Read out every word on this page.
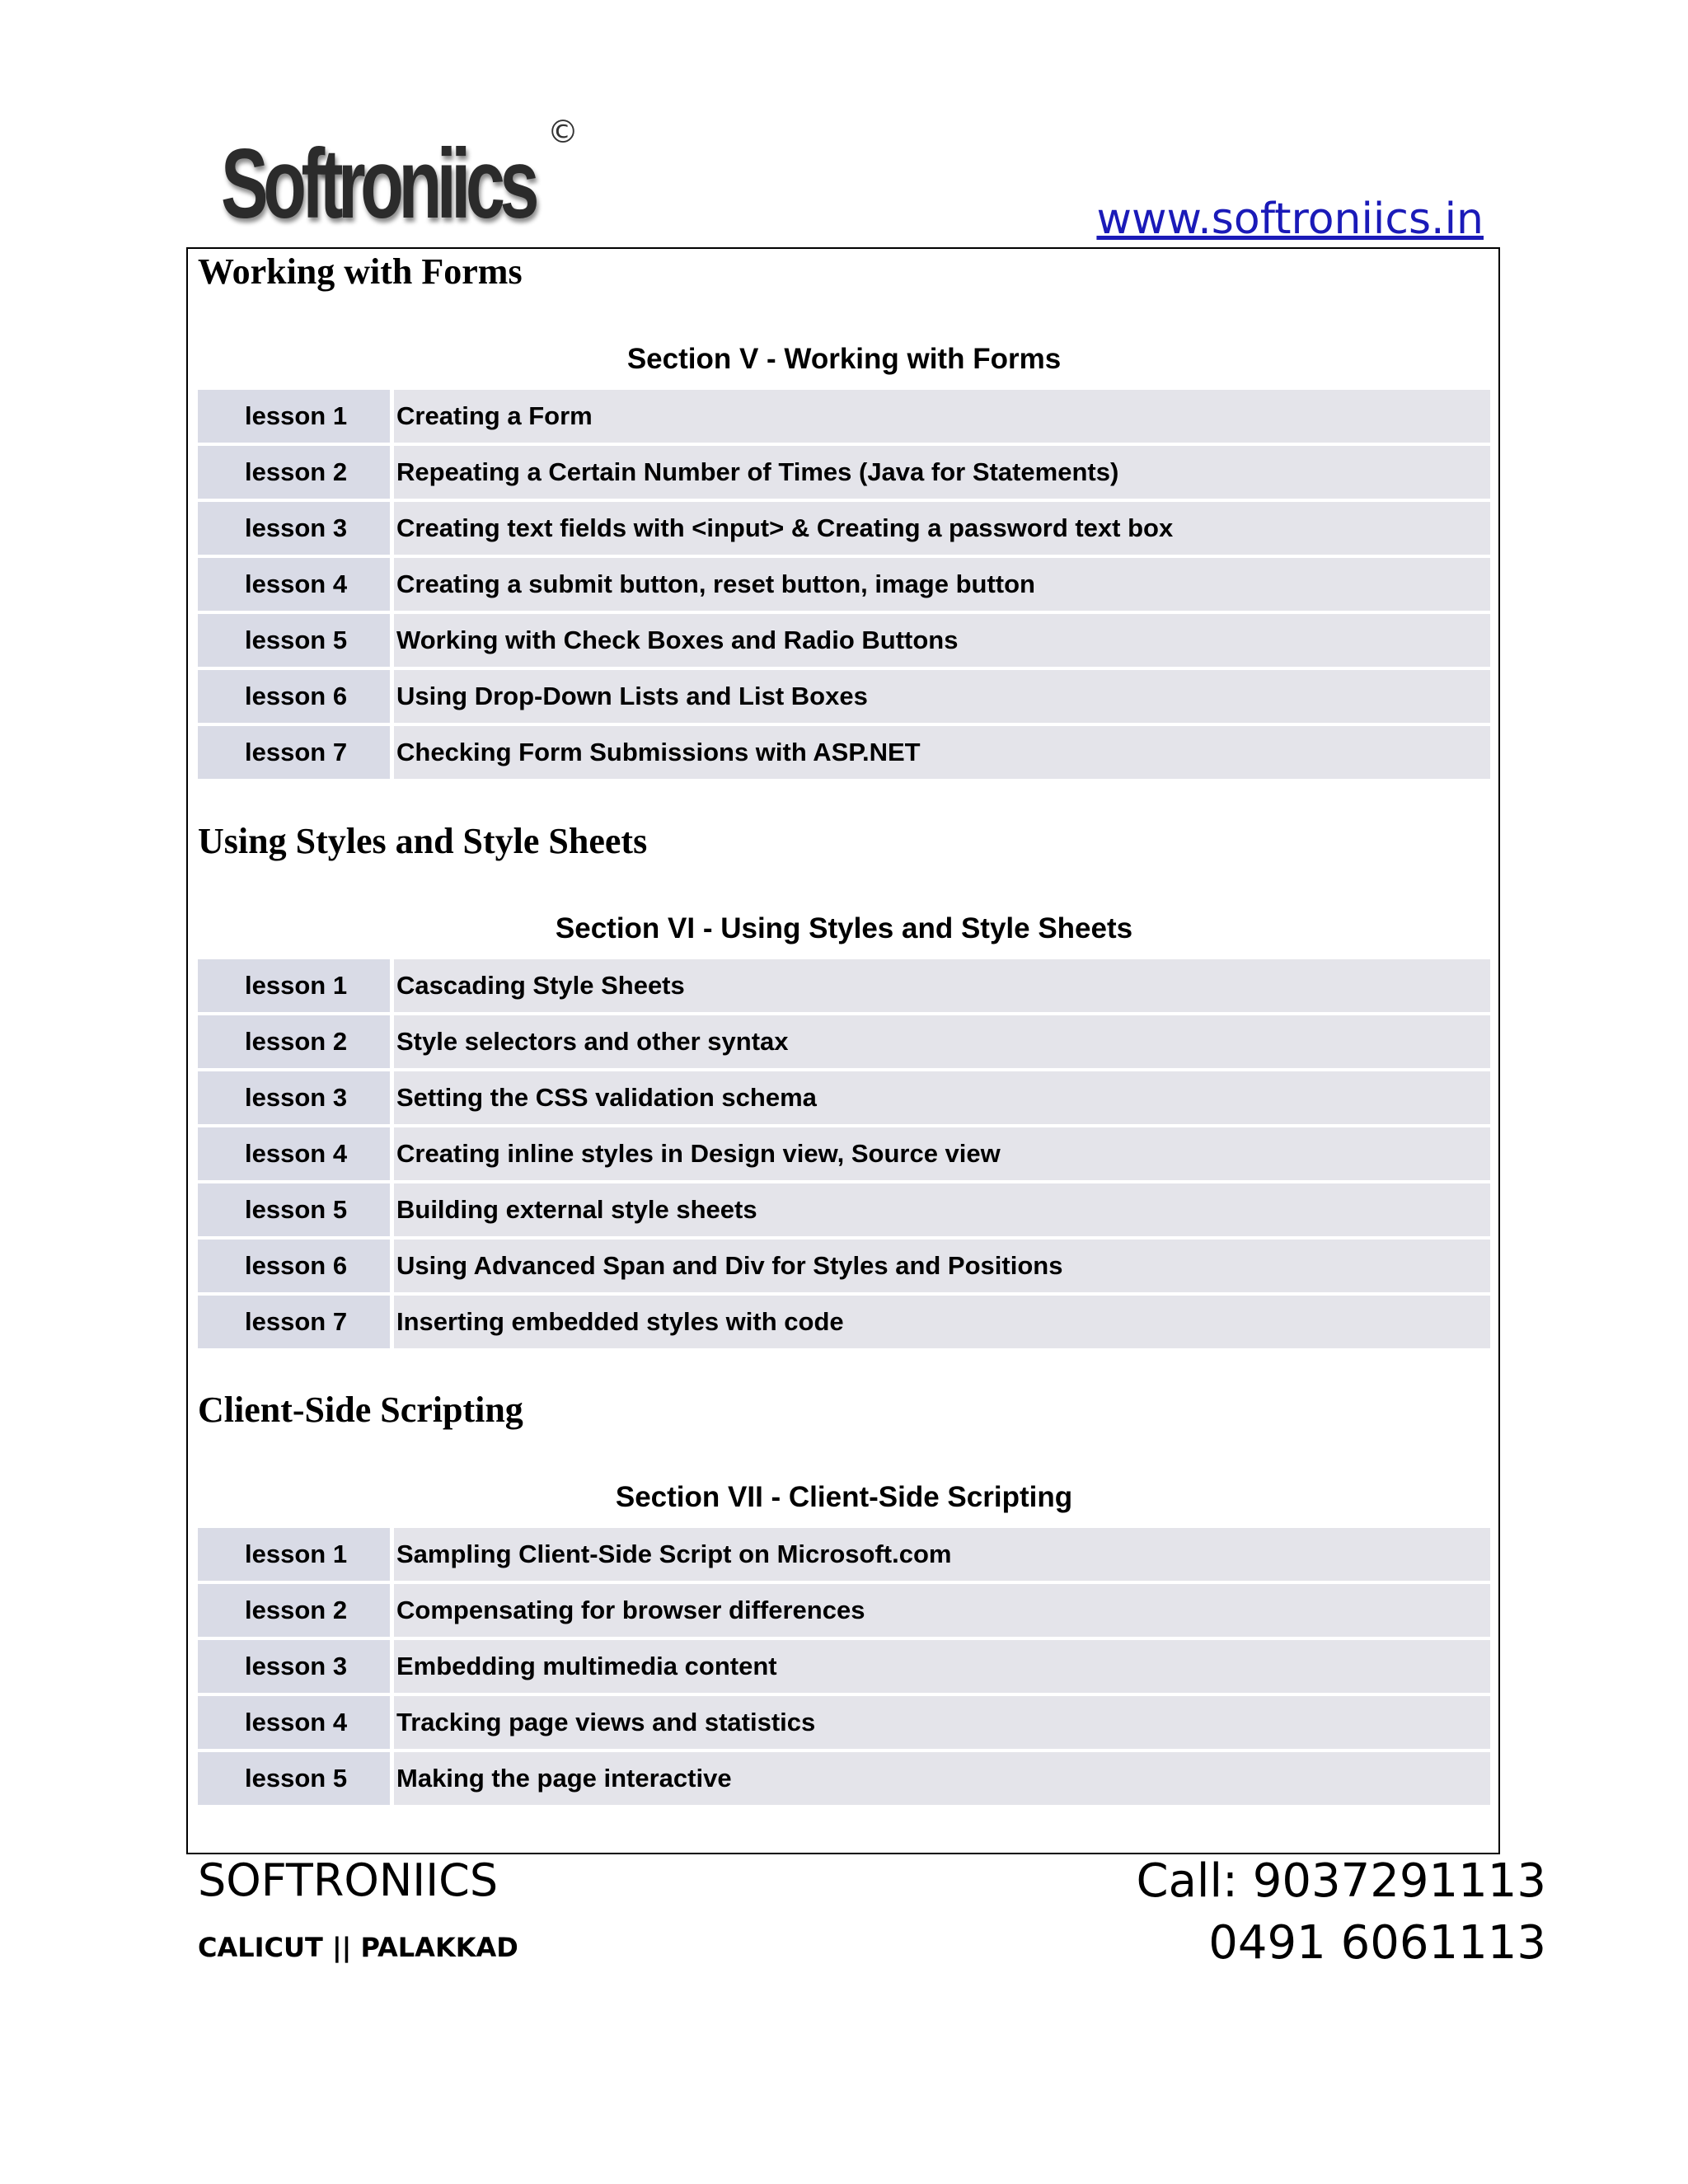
Softroniics ©
www.softroniics.in
Working with Forms
Section V - Working with Forms
lesson 1	Creating a Form
lesson 2	Repeating a Certain Number of Times (Java for Statements)
lesson 3	Creating text fields with <input> & Creating a password text box
lesson 4	Creating a submit button, reset button, image button
lesson 5	Working with Check Boxes and Radio Buttons
lesson 6	Using Drop-Down Lists and List Boxes
lesson 7	Checking Form Submissions with ASP.NET
Using Styles and Style Sheets
Section VI - Using Styles and Style Sheets
lesson 1	Cascading Style Sheets
lesson 2	Style selectors and other syntax
lesson 3	Setting the CSS validation schema
lesson 4	Creating inline styles in Design view, Source view
lesson 5	Building external style sheets
lesson 6	Using Advanced Span and Div for Styles and Positions
lesson 7	Inserting embedded styles with code
Client-Side Scripting
Section VII - Client-Side Scripting
lesson 1	Sampling Client-Side Script on Microsoft.com
lesson 2	Compensating for browser differences
lesson 3	Embedding multimedia content
lesson 4	Tracking page views and statistics
lesson 5	Making the page interactive
SOFTRONIICS
CALICUT || PALAKKAD
Call: 9037291113
0491 6061113
